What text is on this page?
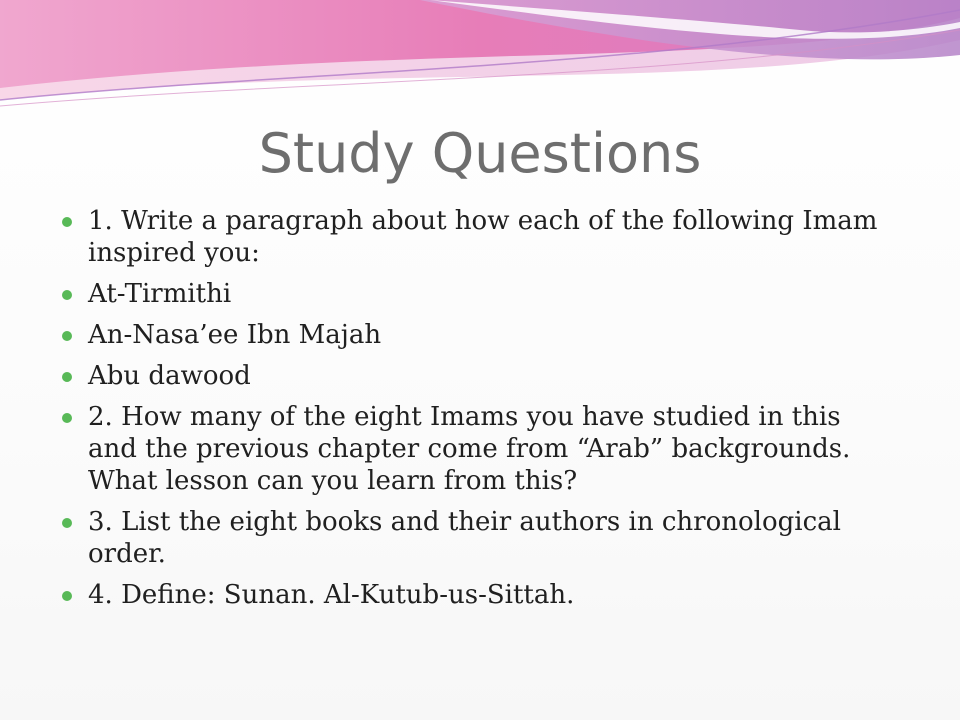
Study Questions
1. Write a paragraph about how each of the following Imam inspired you:
At-Tirmithi
An-Nasa’ee Ibn Majah
Abu dawood
2. How many of the eight Imams you have studied in this and the previous chapter come from “Arab” backgrounds. What lesson can you learn from this?
3. List the eight books and their authors in chronological order.
4. Define: Sunan. Al-Kutub-us-Sittah.
